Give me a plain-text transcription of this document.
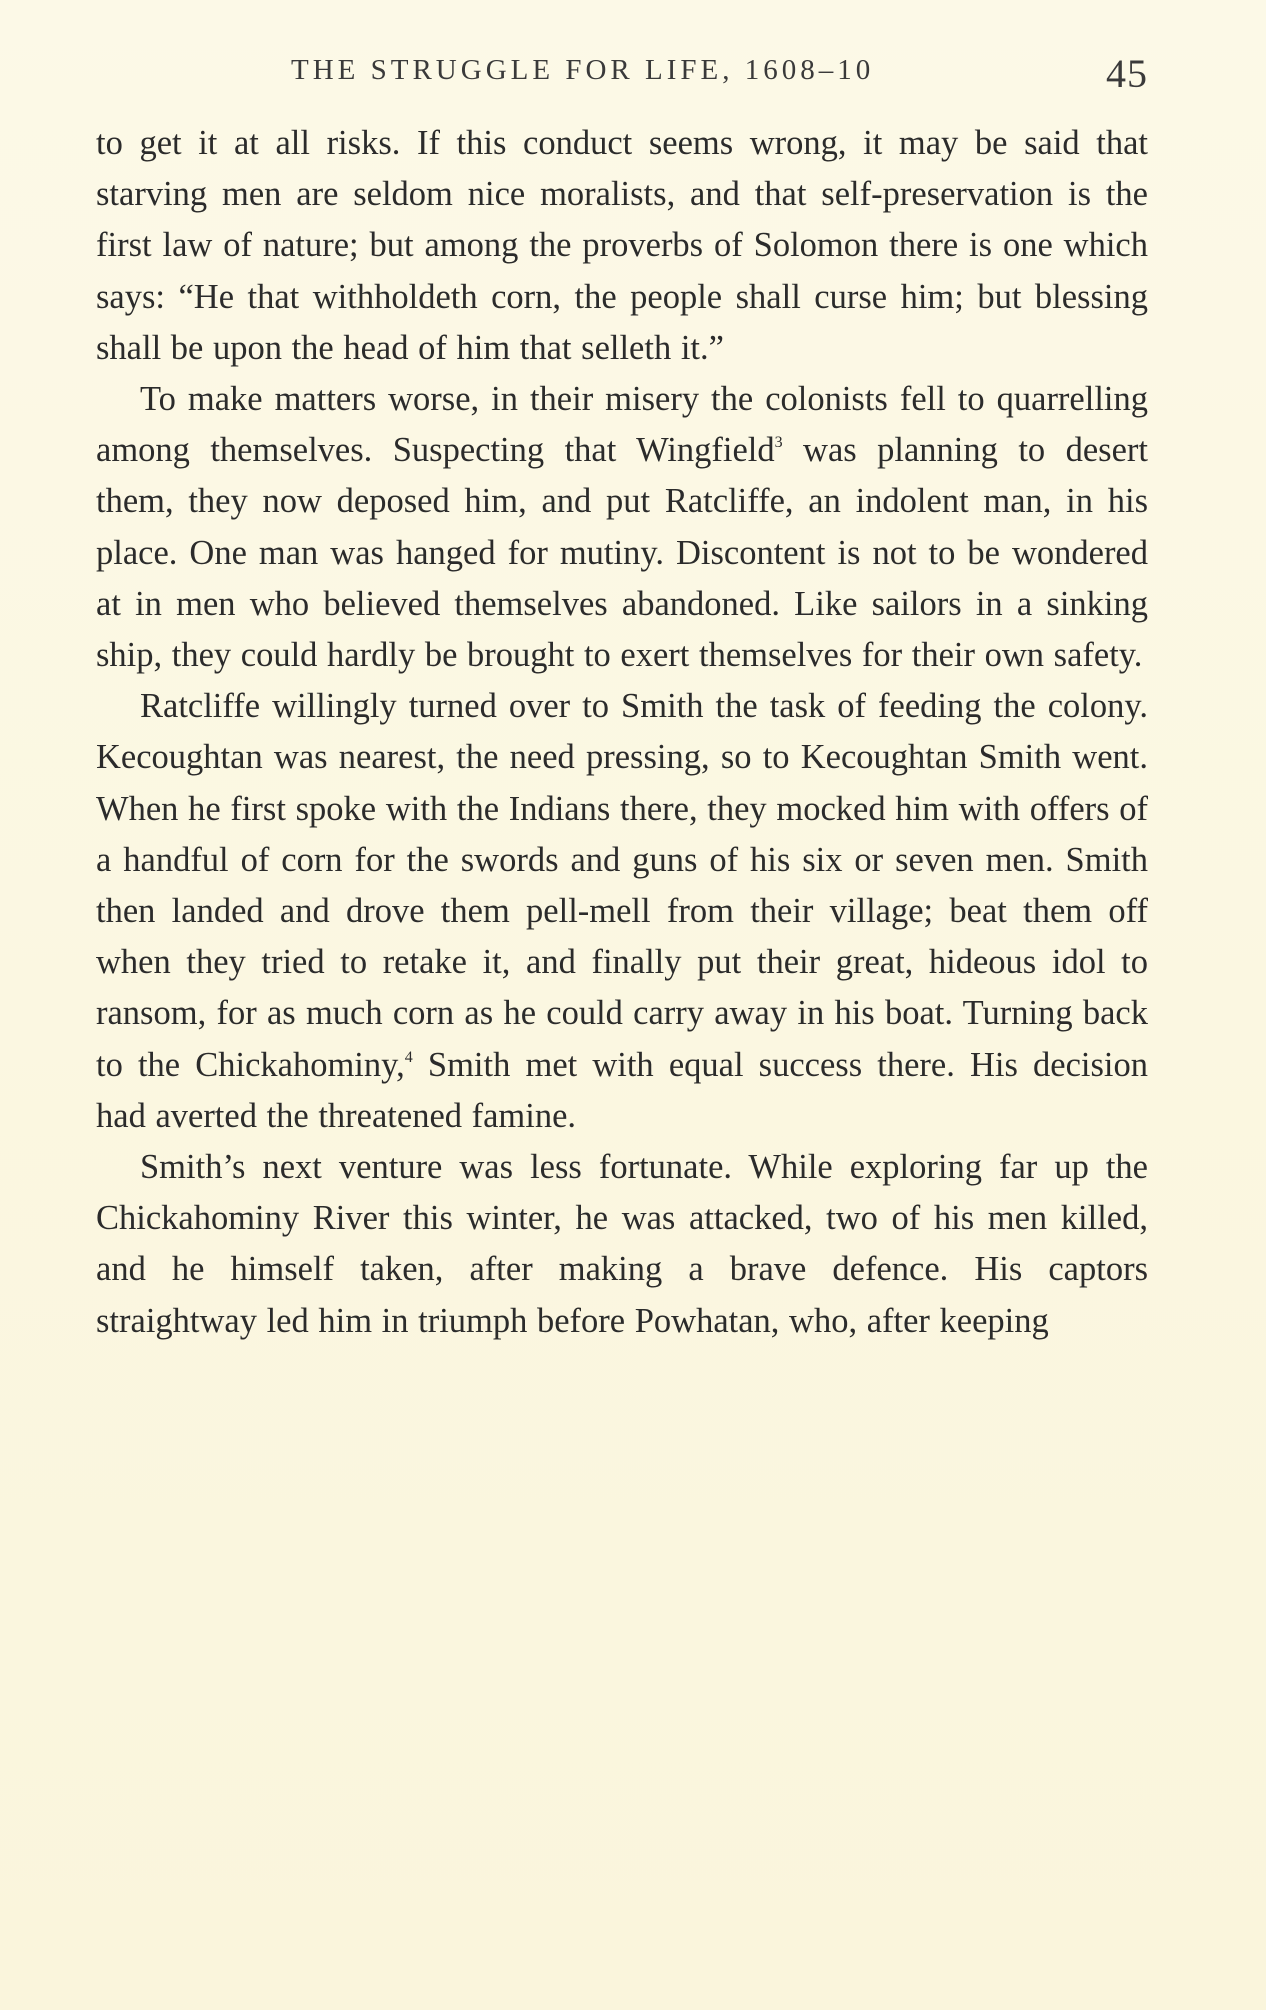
THE STRUGGLE FOR LIFE, 1608–10	45

to get it at all risks. If this conduct seems wrong, it may be said that starving men are seldom nice moralists, and that self-preservation is the first law of nature; but among the proverbs of Solomon there is one which says: “He that withholdeth corn, the people shall curse him; but blessing shall be upon the head of him that selleth it.”

To make matters worse, in their misery the colonists fell to quarrelling among themselves. Suspecting that Wingfield$^3$ was planning to desert them, they now deposed him, and put Ratcliffe, an indolent man, in his place. One man was hanged for mutiny. Discontent is not to be wondered at in men who believed themselves abandoned. Like sailors in a sinking ship, they could hardly be brought to exert themselves for their own safety.

Ratcliffe willingly turned over to Smith the task of feeding the colony. Kecoughtan was nearest, the need pressing, so to Kecoughtan Smith went. When he first spoke with the Indians there, they mocked him with offers of a handful of corn for the swords and guns of his six or seven men. Smith then landed and drove them pell-mell from their village; beat them off when they tried to retake it, and finally put their great, hideous idol to ransom, for as much corn as he could carry away in his boat. Turning back to the Chickahominy,$^4$ Smith met with equal success there. His decision had averted the threatened famine.

Smith’s next venture was less fortunate. While exploring far up the Chickahominy River this winter, he was attacked, two of his men killed, and he himself taken, after making a brave defence. His captors straightway led him in triumph before Powhatan, who, after keeping
